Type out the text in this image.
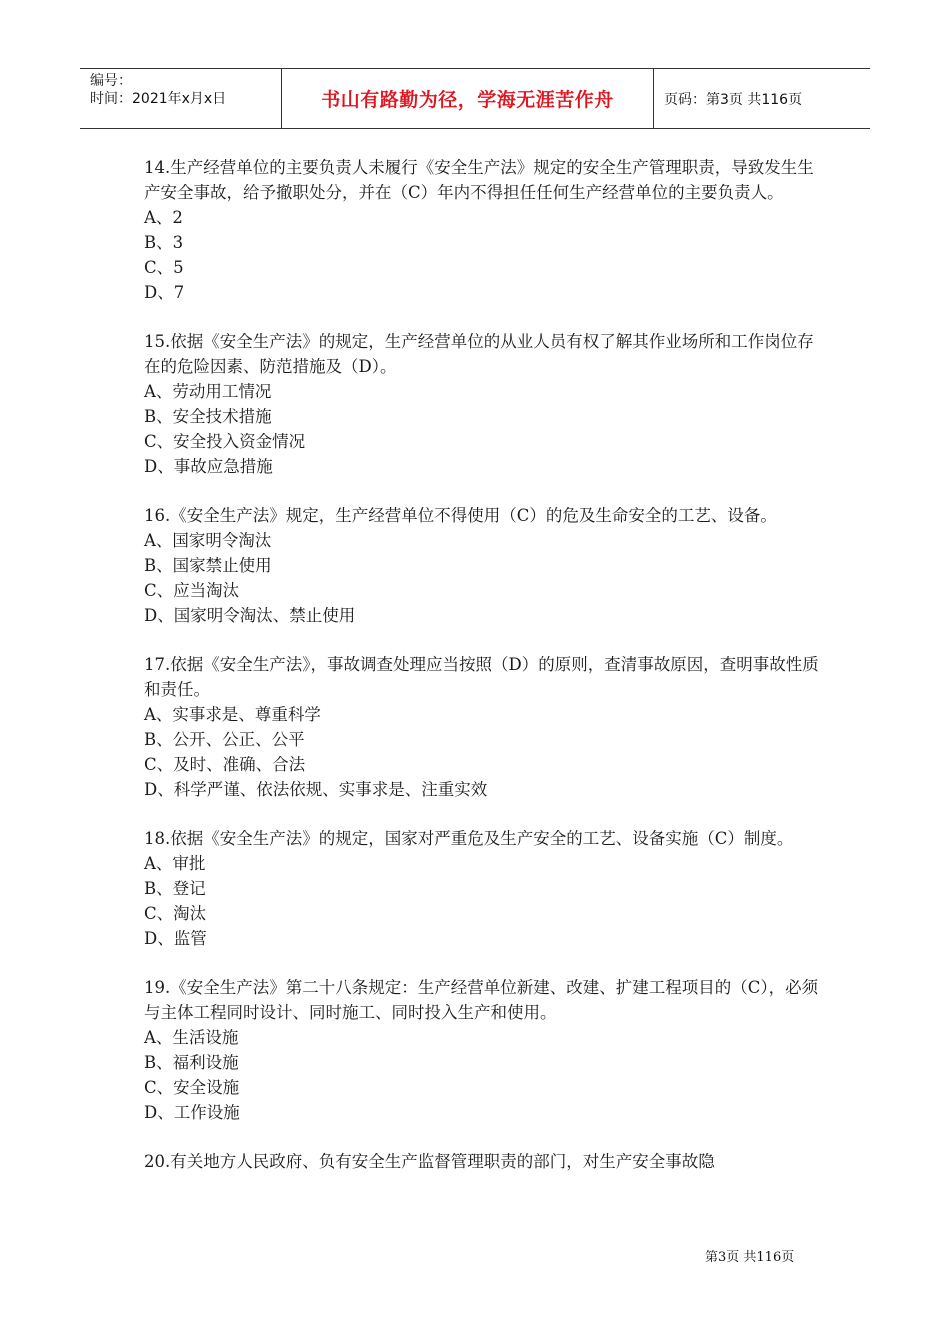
编号：
时间：2021年x月x日	书山有路勤为径，学海无涯苦作舟	页码：第3页 共116页
14.生产经营单位的主要负责人未履行《安全生产法》规定的安全生产管理职责，导致发生生产安全事故，给予撤职处分，并在（C）年内不得担任任何生产经营单位的主要负责人。
A、2
B、3
C、5
D、7
15.依据《安全生产法》的规定，生产经营单位的从业人员有权了解其作业场所和工作岗位存在的危险因素、防范措施及（D）。
A、劳动用工情况
B、安全技术措施
C、安全投入资金情况
D、事故应急措施
16.《安全生产法》规定，生产经营单位不得使用（C）的危及生命安全的工艺、设备。
A、国家明令淘汰
B、国家禁止使用
C、应当淘汰
D、国家明令淘汰、禁止使用
17.依据《安全生产法》，事故调查处理应当按照（D）的原则，查清事故原因，查明事故性质和责任。
A、实事求是、尊重科学
B、公开、公正、公平
C、及时、准确、合法
D、科学严谨、依法依规、实事求是、注重实效
18.依据《安全生产法》的规定，国家对严重危及生产安全的工艺、设备实施（C）制度。
A、审批
B、登记
C、淘汰
D、监管
19.《安全生产法》第二十八条规定：生产经营单位新建、改建、扩建工程项目的（C），必须与主体工程同时设计、同时施工、同时投入生产和使用。
A、生活设施
B、福利设施
C、安全设施
D、工作设施
20.有关地方人民政府、负有安全生产监督管理职责的部门，对生产安全事故隐
第3页 共116页
